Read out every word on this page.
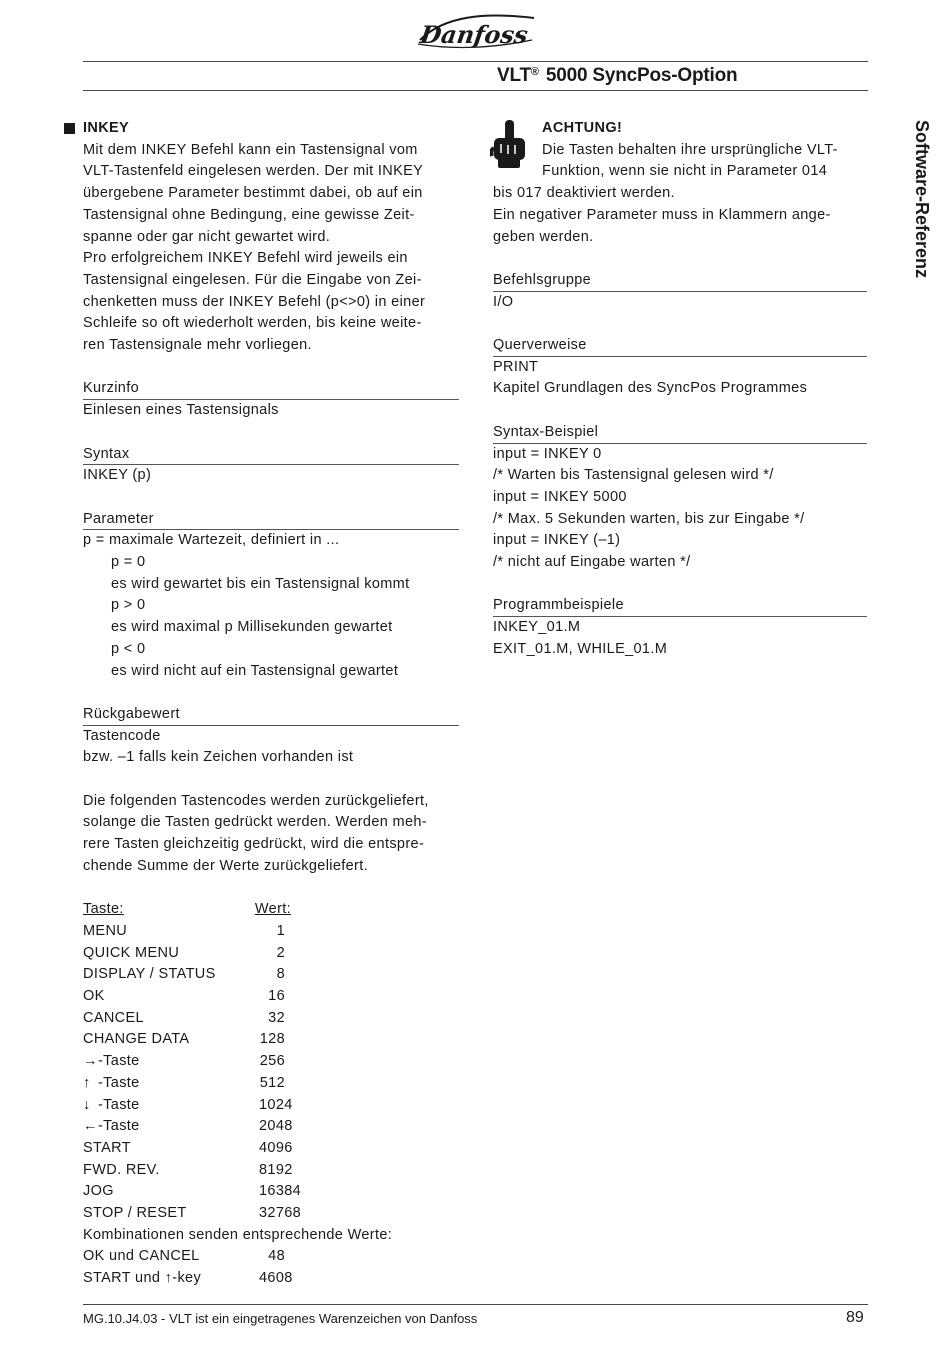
Danfoss
VLT® 5000 SyncPos-Option
Software-Referenz
INKEY

Mit dem INKEY Befehl kann ein Tastensignal vom

VLT-Tastenfeld eingelesen werden. Der mit INKEY

übergebene Parameter bestimmt dabei, ob auf ein

Tastensignal ohne Bedingung, eine gewisse Zeit-

spanne oder gar nicht gewartet wird.

Pro erfolgreichem INKEY Befehl wird jeweils ein

Tastensignal eingelesen. Für die Eingabe von Zei-

chenketten muss der INKEY Befehl (p<>0) in einer

Schleife so oft wiederholt werden, bis keine weite-

ren Tastensignale mehr vorliegen.

Kurzinfo

Einlesen eines Tastensignals

Syntax

INKEY (p)

Parameter

p = maximale Wartezeit, definiert in ...

p = 0

es wird gewartet bis ein Tastensignal kommt

p > 0

es wird maximal p Millisekunden gewartet

p < 0

es wird nicht auf ein Tastensignal gewartet

Rückgabewert

Tastencode

bzw. –1 falls kein Zeichen vorhanden ist

Die folgenden Tastencodes werden zurückgeliefert,

solange die Tasten gedrückt werden. Werden meh-

rere Tasten gleichzeitig gedrückt, wird die entspre-

chende Summe der Werte zurückgeliefert.

Taste:	Wert:
MENU	1
QUICK MENU	2
DISPLAY / STATUS	8
OK	16
CANCEL	32
CHANGE DATA	128
→-Taste	256
↑ -Taste	512
↓ -Taste	1024
←-Taste	2048
START	4096
FWD. REV.	8192
JOG	16384
STOP / RESET	32768

Kombinationen senden entsprechende Werte:

OK und CANCEL	48
START und ↑-key	4608

ACHTUNG!

Die Tasten behalten ihre ursprüngliche VLT-

Funktion, wenn sie nicht in Parameter 014

bis 017 deaktiviert werden.

Ein negativer Parameter muss in Klammern ange-

geben werden.

Befehlsgruppe

I/O

Querverweise

PRINT

Kapitel Grundlagen des SyncPos Programmes

Syntax-Beispiel

input = INKEY 0

/* Warten bis Tastensignal gelesen wird */

input = INKEY 5000

/* Max. 5 Sekunden warten, bis zur Eingabe */

input = INKEY (–1)

/* nicht auf Eingabe warten */

Programmbeispiele

INKEY_01.M

EXIT_01.M, WHILE_01.M

MG.10.J4.03 - VLT ist ein eingetragenes Warenzeichen von Danfoss	89
